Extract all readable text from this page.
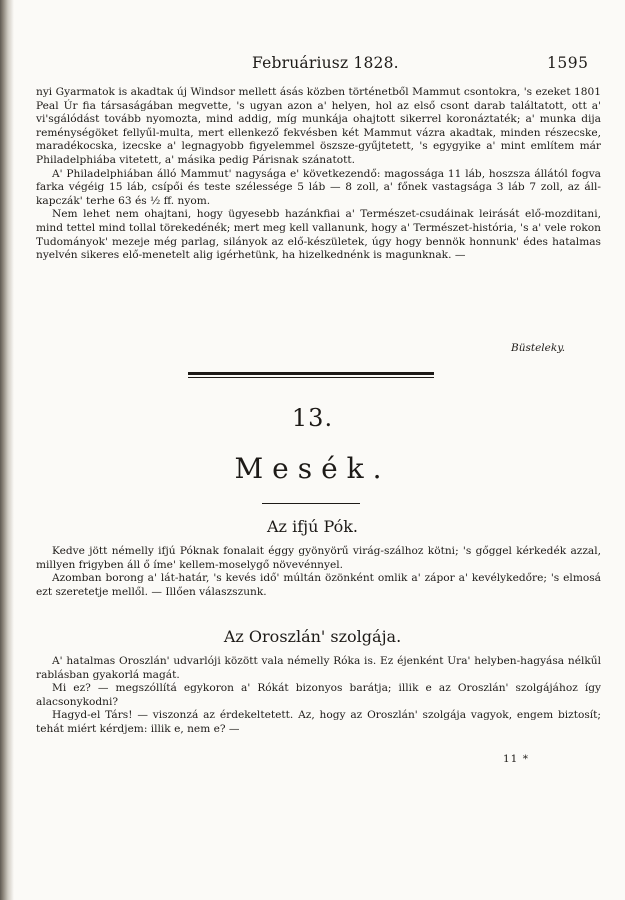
Februáriusz 1828.	1595

nyi Gyarmatok is akadtak új Windsor mellett ásás közben történetből Mammut csontokra, 's ezeket 1801 Peal Úr fia társaságában megvette, 's ugyan azon a' helyen, hol az első csont darab találtatott, ott a' vi'sgálódást tovább nyomozta, mind addig, míg munkája ohajtott sikerrel koronáztaték; a' munka dija reménységöket fellyűl-multa, mert ellenkező fekvésben két Mammut vázra akadtak, minden részecske, maradékocska, izecske a' legnagyobb figyelemmel öszsze-gyűjtetett, 's egygyike a' mint említem már Philadelphiába vitetett, a' másika pedig Párisnak szánatott.

A' Philadelphiában álló Mammut' nagysága e' következendő: magossága 11 láb, hoszsza állától fogva farka végéig 15 láb, csípői és teste szélessége 5 láb — 8 zoll, a' főnek vastagsága 3 láb 7 zoll, az áll-kapczák' terhe 63 és ½ ff. nyom.

Nem lehet nem ohajtani, hogy ügyesebb hazánkfiai a' Természet-csudáinak leirását elő-mozditani, mind tettel mind tollal törekedénék; mert meg kell vallanunk, hogy a' Természet-história, 's a' vele rokon Tudományok' mezeje még parlag, silányok az elő-készületek, úgy hogy bennök honnunk' édes hatalmas nyelvén sikeres elő-menetelt alig igérhetünk, ha hizelkednénk is magunknak. —

Büsteleky.
13.
Mesék.
Az ifjú Pók.

Kedve jött némelly ifjú Póknak fonalait éggy gyönyörű virág-szálhoz kötni; 's gőggel kérkedék azzal, millyen frigyben áll ő íme' kellem-moselygő növevénnyel.

Azomban borong a' lát-határ, 's kevés idő' múltán özönként omlik a' zápor a' kevélykedőre; 's elmosá ezt szeretetje mellől. — Illően válaszszunk.

Az Oroszlán' szolgája.

A' hatalmas Oroszlán' udvarlóji között vala némelly Róka is. Ez éjenként Ura' helyben-hagyása nélkűl rablásban gyakorlá magát.

Mi ez? — megszóllítá egykoron a' Rókát bizonyos barátja; illik e az Oroszlán' szolgájához így alacsonykodni?

Hagyd-el Társ! — viszonzá az érdekeltetett. Az, hogy az Oroszlán' szolgája vagyok, engem biztosít; tehát miért kérdjem: illik e, nem e? —

11 *
